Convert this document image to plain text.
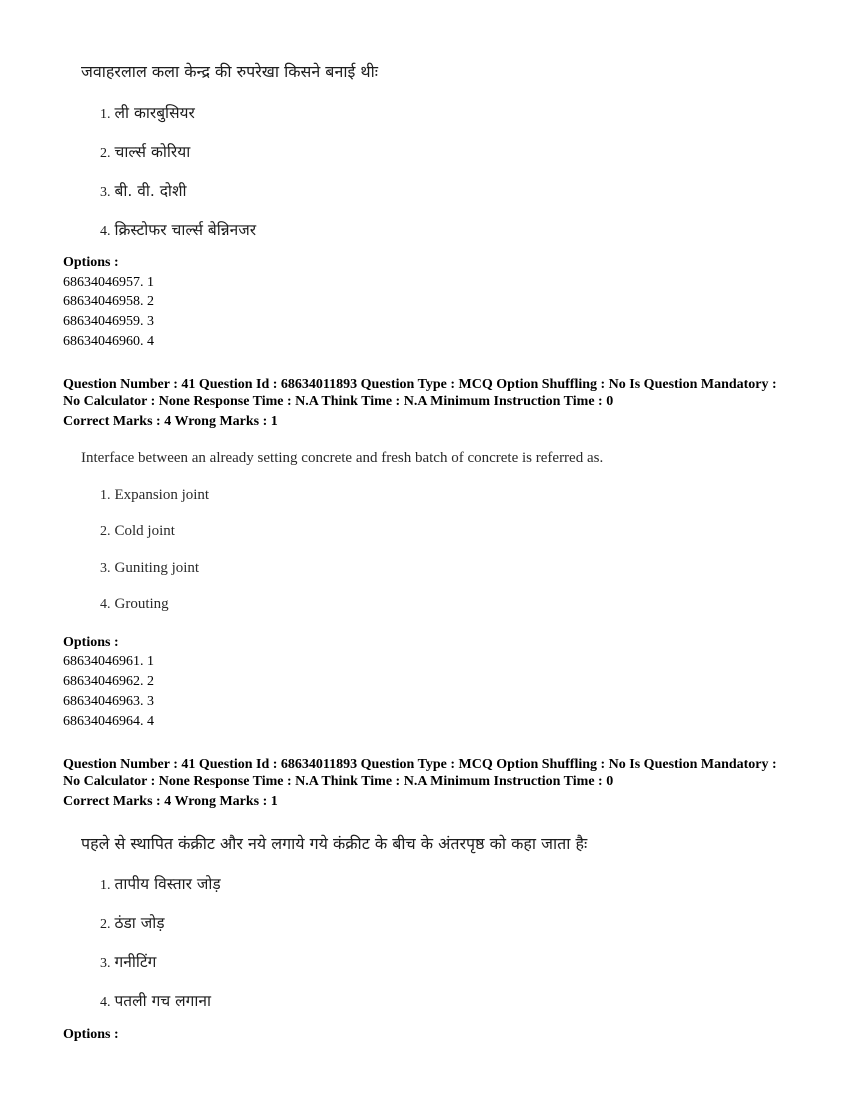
जवाहरलाल कला केन्द्र की रुपरेखा किसने बनाई थीः
1. ली कारबुसियर
2. चार्ल्स कोरिया
3. बी. वी. दोशी
4. क्रिस्टोफर चार्ल्स बेन्निनजर
Options :
68634046957. 1
68634046958. 2
68634046959. 3
68634046960. 4
Question Number : 41 Question Id : 68634011893 Question Type : MCQ Option Shuffling : No Is Question Mandatory :
No Calculator : None Response Time : N.A Think Time : N.A Minimum Instruction Time : 0
Correct Marks : 4 Wrong Marks : 1
Interface between an already setting concrete and fresh batch of concrete is referred as.
1. Expansion joint
2. Cold joint
3. Guniting joint
4. Grouting
Options :
68634046961. 1
68634046962. 2
68634046963. 3
68634046964. 4
Question Number : 41 Question Id : 68634011893 Question Type : MCQ Option Shuffling : No Is Question Mandatory :
No Calculator : None Response Time : N.A Think Time : N.A Minimum Instruction Time : 0
Correct Marks : 4 Wrong Marks : 1
पहले से स्थापित कंक्रीट और नये लगाये गये कंक्रीट के बीच के अंतरपृष्ठ को कहा जाता हैः
1. तापीय विस्तार जोड़
2. ठंडा जोड़
3. गनीटिंग
4. पतली गच लगाना
Options :
